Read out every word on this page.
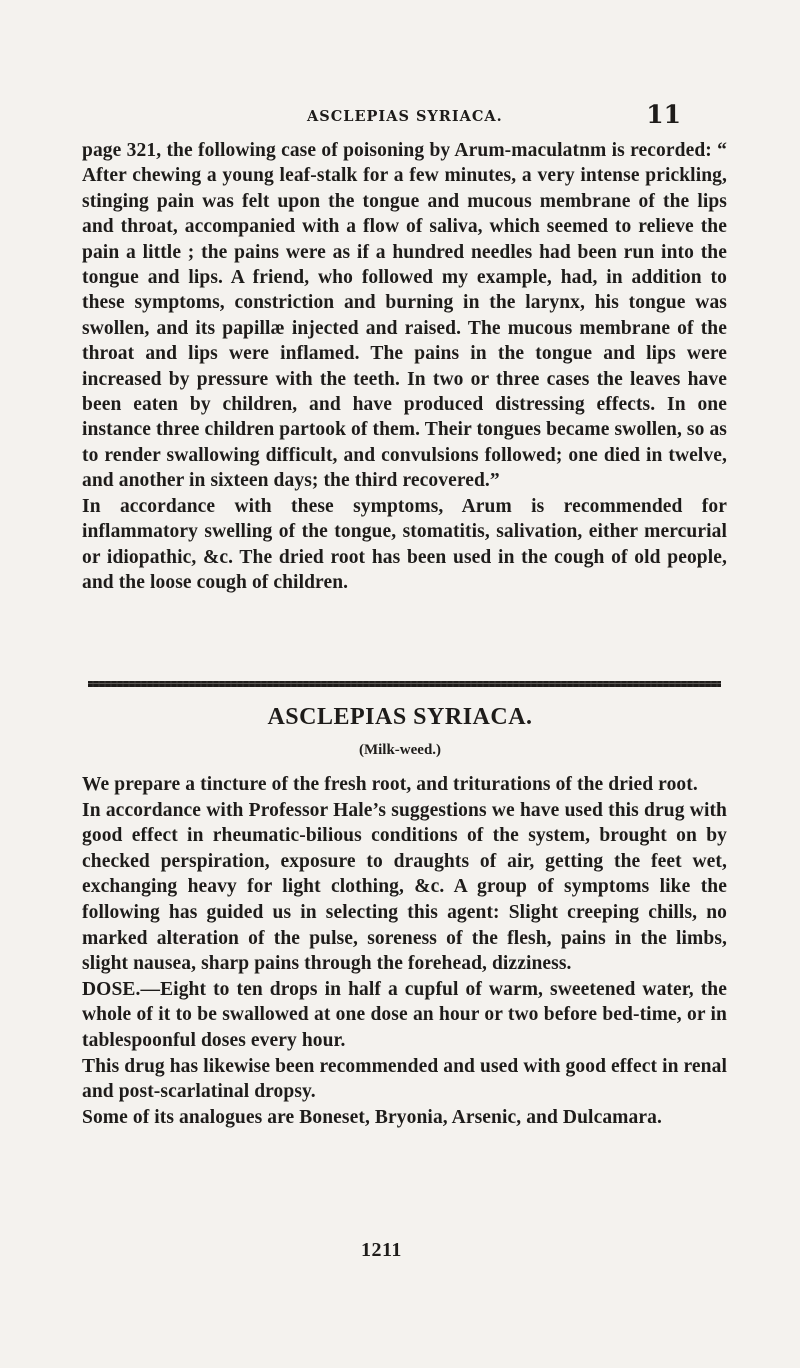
ASCLEPIAS SYRIACA.	11

page 321, the following case of poisoning by Arum-maculatnm is recorded: “ After chewing a young leaf-stalk for a few minutes, a very intense prickling, stinging pain was felt upon the tongue and mucous membrane of the lips and throat, accompanied with a flow of saliva, which seemed to relieve the pain a little ; the pains were as if a hundred needles had been run into the tongue and lips. A friend, who followed my example, had, in addition to these symptoms, constriction and burning in the larynx, his tongue was swollen, and its papillæ injected and raised. The mucous membrane of the throat and lips were inflamed. The pains in the tongue and lips were increased by pressure with the teeth. In two or three cases the leaves have been eaten by children, and have produced distressing effects. In one instance three children partook of them. Their tongues became swollen, so as to render swallowing difficult, and convulsions followed; one died in twelve, and another in sixteen days; the third recovered.”

In accordance with these symptoms, Arum is recommended for inflammatory swelling of the tongue, stomatitis, salivation, either mercurial or idiopathic, &c. The dried root has been used in the cough of old people, and the loose cough of children.

ASCLEPIAS SYRIACA.
(Milk-weed.)

We prepare a tincture of the fresh root, and triturations of the dried root.

In accordance with Professor Hale’s suggestions we have used this drug with good effect in rheumatic-bilious conditions of the system, brought on by checked perspiration, exposure to draughts of air, getting the feet wet, exchanging heavy for light clothing, &c. A group of symptoms like the following has guided us in selecting this agent: Slight creeping chills, no marked alteration of the pulse, soreness of the flesh, pains in the limbs, slight nausea, sharp pains through the forehead, dizziness.

DOSE.—Eight to ten drops in half a cupful of warm, sweetened water, the whole of it to be swallowed at one dose an hour or two before bed-time, or in tablespoonful doses every hour.

This drug has likewise been recommended and used with good effect in renal and post-scarlatinal dropsy.

Some of its analogues are Boneset, Bryonia, Arsenic, and Dulcamara.

1211
